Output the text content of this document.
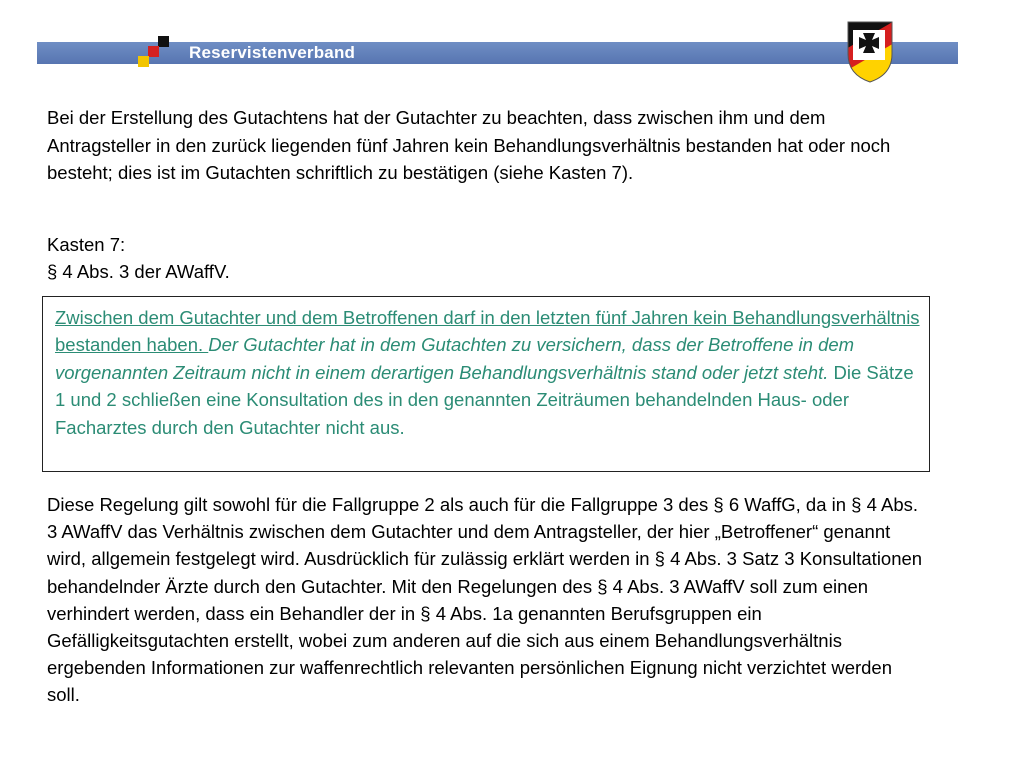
Reservistenverband

Bei der Erstellung des Gutachtens hat der Gutachter zu beachten, dass zwischen ihm und dem Antragsteller in den zurück liegenden fünf Jahren kein Behandlungsverhältnis bestanden hat oder noch besteht; dies ist im Gutachten schriftlich zu bestätigen (siehe Kasten 7).

Kasten 7:
§ 4 Abs. 3 der AWaffV.

Zwischen dem Gutachter und dem Betroffenen darf in den letzten fünf Jahren kein Behandlungsverhältnis bestanden haben. Der Gutachter hat in dem Gutachten zu versichern, dass der Betroffene in dem vorgenannten Zeitraum nicht in einem derartigen Behandlungsverhältnis stand oder jetzt steht. Die Sätze 1 und 2 schließen eine Konsultation des in den genannten Zeiträumen behandelnden Haus- oder Facharztes durch den Gutachter nicht aus.

Diese Regelung gilt sowohl für die Fallgruppe 2 als auch für die Fallgruppe 3 des § 6 WaffG, da in § 4 Abs. 3 AWaffV das Verhältnis zwischen dem Gutachter und dem Antragsteller, der hier „Betroffener“ genannt wird, allgemein festgelegt wird. Ausdrücklich für zulässig erklärt werden in § 4 Abs. 3 Satz 3 Konsultationen behandelnder Ärzte durch den Gutachter. Mit den Regelungen des § 4 Abs. 3 AWaffV soll zum einen verhindert werden, dass ein Behandler der in § 4 Abs. 1a genannten Berufsgruppen ein Gefälligkeitsgutachten erstellt, wobei zum anderen auf die sich aus einem Behandlungsverhältnis ergebenden Informationen zur waffenrechtlich relevanten persönlichen Eignung nicht verzichtet werden soll.
